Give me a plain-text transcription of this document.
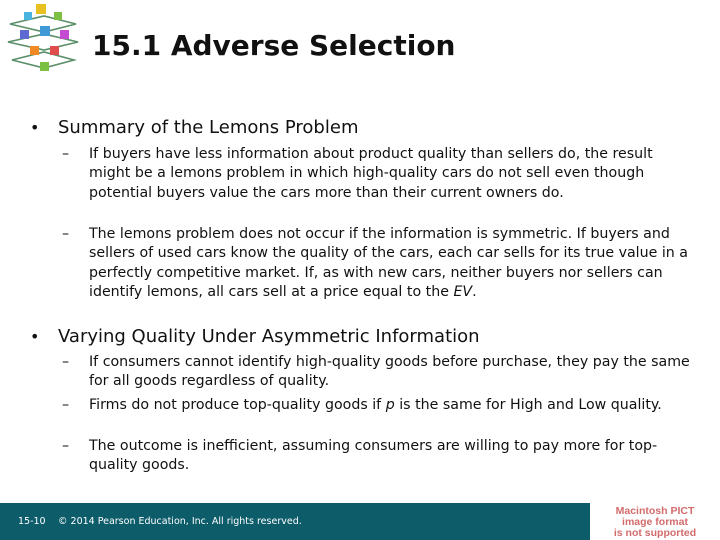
15.1 Adverse Selection
•	Summary of the Lemons Problem
–	If buyers have less information about product quality than sellers do, the result might be a lemons problem in which high-quality cars do not sell even though potential buyers value the cars more than their current owners do.
–	The lemons problem does not occur if the information is symmetric. If buyers and sellers of used cars know the quality of the cars, each car sells for its true value in a perfectly competitive market. If, as with new cars, neither buyers nor sellers can identify lemons, all cars sell at a price equal to the EV.
•	Varying Quality Under Asymmetric Information
–	If consumers cannot identify high-quality goods before purchase, they pay the same for all goods regardless of quality.
–	Firms do not produce top-quality goods if p is the same for High and Low quality.
–	The outcome is inefficient, assuming consumers are willing to pay more for top-quality goods.
15-10 © 2014 Pearson Education, Inc. All rights reserved.
Macintosh PICT
image format
is not supported
